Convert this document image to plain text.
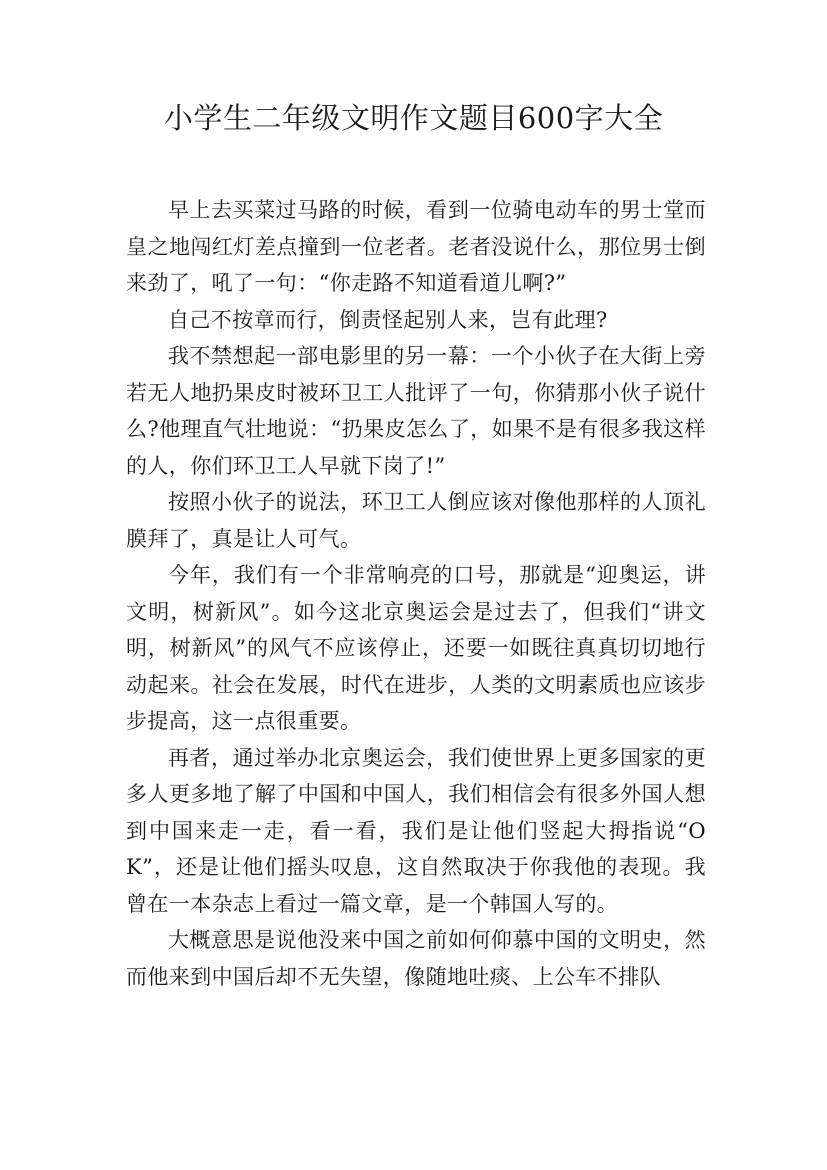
小学生二年级文明作文题目600字大全

早上去买菜过马路的时候，看到一位骑电动车的男士堂而皇之地闯红灯差点撞到一位老者。老者没说什么，那位男士倒来劲了，吼了一句：“你走路不知道看道儿啊?”

自己不按章而行，倒责怪起别人来，岂有此理?

我不禁想起一部电影里的另一幕：一个小伙子在大街上旁若无人地扔果皮时被环卫工人批评了一句，你猜那小伙子说什么?他理直气壮地说：“扔果皮怎么了，如果不是有很多我这样的人，你们环卫工人早就下岗了!”

按照小伙子的说法，环卫工人倒应该对像他那样的人顶礼膜拜了，真是让人可气。

今年，我们有一个非常响亮的口号，那就是“迎奥运，讲文明，树新风”。如今这北京奥运会是过去了，但我们“讲文明，树新风”的风气不应该停止，还要一如既往真真切切地行动起来。社会在发展，时代在进步，人类的文明素质也应该步步提高，这一点很重要。

再者，通过举办北京奥运会，我们使世界上更多国家的更多人更多地了解了中国和中国人，我们相信会有很多外国人想到中国来走一走，看一看，我们是让他们竖起大拇指说“OK”，还是让他们摇头叹息，这自然取决于你我他的表现。我曾在一本杂志上看过一篇文章，是一个韩国人写的。

大概意思是说他没来中国之前如何仰慕中国的文明史，然而他来到中国后却不无失望，像随地吐痰、上公车不排队
